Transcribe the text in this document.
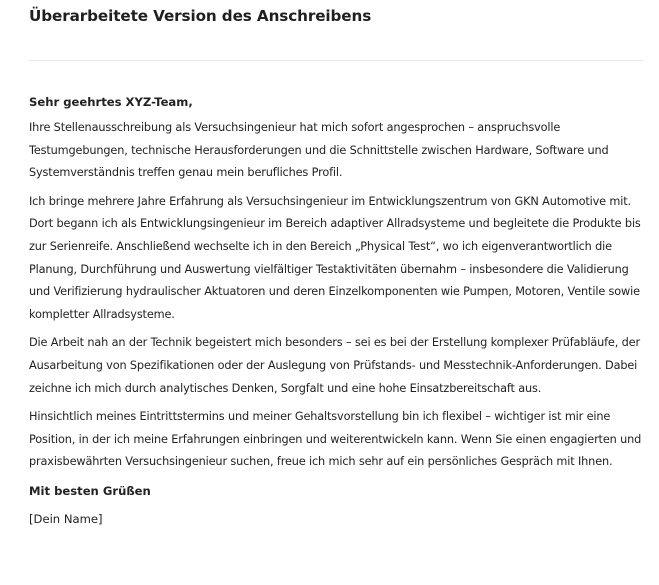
Überarbeitete Version des Anschreibens

Sehr geehrtes XYZ-Team,

Ihre Stellenausschreibung als Versuchsingenieur hat mich sofort angesprochen – anspruchsvolle Testumgebungen, technische Herausforderungen und die Schnittstelle zwischen Hardware, Software und Systemverständnis treffen genau mein berufliches Profil.

Ich bringe mehrere Jahre Erfahrung als Versuchsingenieur im Entwicklungszentrum von GKN Automotive mit. Dort begann ich als Entwicklungsingenieur im Bereich adaptiver Allradsysteme und begleitete die Produkte bis zur Serienreife. Anschließend wechselte ich in den Bereich „Physical Test“, wo ich eigenverantwortlich die Planung, Durchführung und Auswertung vielfältiger Testaktivitäten übernahm – insbesondere die Validierung und Verifizierung hydraulischer Aktuatoren und deren Einzelkomponenten wie Pumpen, Motoren, Ventile sowie kompletter Allradsysteme.

Die Arbeit nah an der Technik begeistert mich besonders – sei es bei der Erstellung komplexer Prüfabläufe, der Ausarbeitung von Spezifikationen oder der Auslegung von Prüfstands- und Messtechnik-Anforderungen. Dabei zeichne ich mich durch analytisches Denken, Sorgfalt und eine hohe Einsatzbereitschaft aus.

Hinsichtlich meines Eintrittstermins und meiner Gehaltsvorstellung bin ich flexibel – wichtiger ist mir eine Position, in der ich meine Erfahrungen einbringen und weiterentwickeln kann. Wenn Sie einen engagierten und praxisbewährten Versuchsingenieur suchen, freue ich mich sehr auf ein persönliches Gespräch mit Ihnen.

Mit besten Grüßen

[Dein Name]
